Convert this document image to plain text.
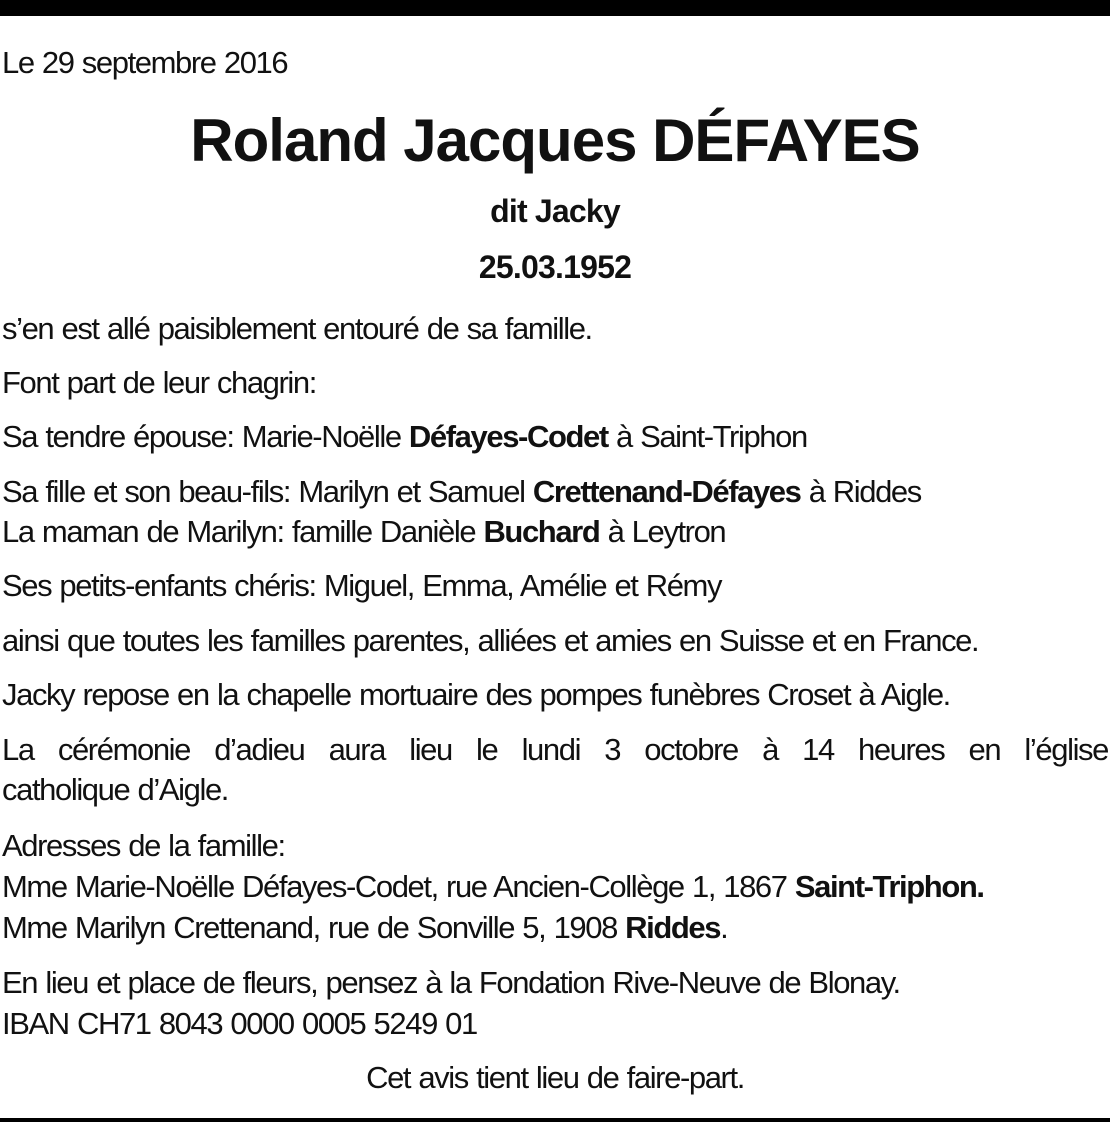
Le 29 septembre 2016
Roland Jacques DÉFAYES
dit Jacky
25.03.1952
s’en est allé paisiblement entouré de sa famille.
Font part de leur chagrin:
Sa tendre épouse: Marie-Noëlle Défayes-Codet à Saint-Triphon
Sa fille et son beau-fils: Marilyn et Samuel Crettenand-Défayes à Riddes
La maman de Marilyn: famille Danièle Buchard à Leytron
Ses petits-enfants chéris: Miguel, Emma, Amélie et Rémy
ainsi que toutes les familles parentes, alliées et amies en Suisse et en France.
Jacky repose en la chapelle mortuaire des pompes funèbres Croset à Aigle.
La cérémonie d’adieu aura lieu le lundi 3 octobre à 14 heures en l’église
catholique d’Aigle.
Adresses de la famille:
Mme Marie-Noëlle Défayes-Codet, rue Ancien-Collège 1, 1867 Saint-Triphon.
Mme Marilyn Crettenand, rue de Sonville 5, 1908 Riddes.
En lieu et place de fleurs, pensez à la Fondation Rive-Neuve de Blonay.
IBAN CH71 8043 0000 0005 5249 01
Cet avis tient lieu de faire-part.
